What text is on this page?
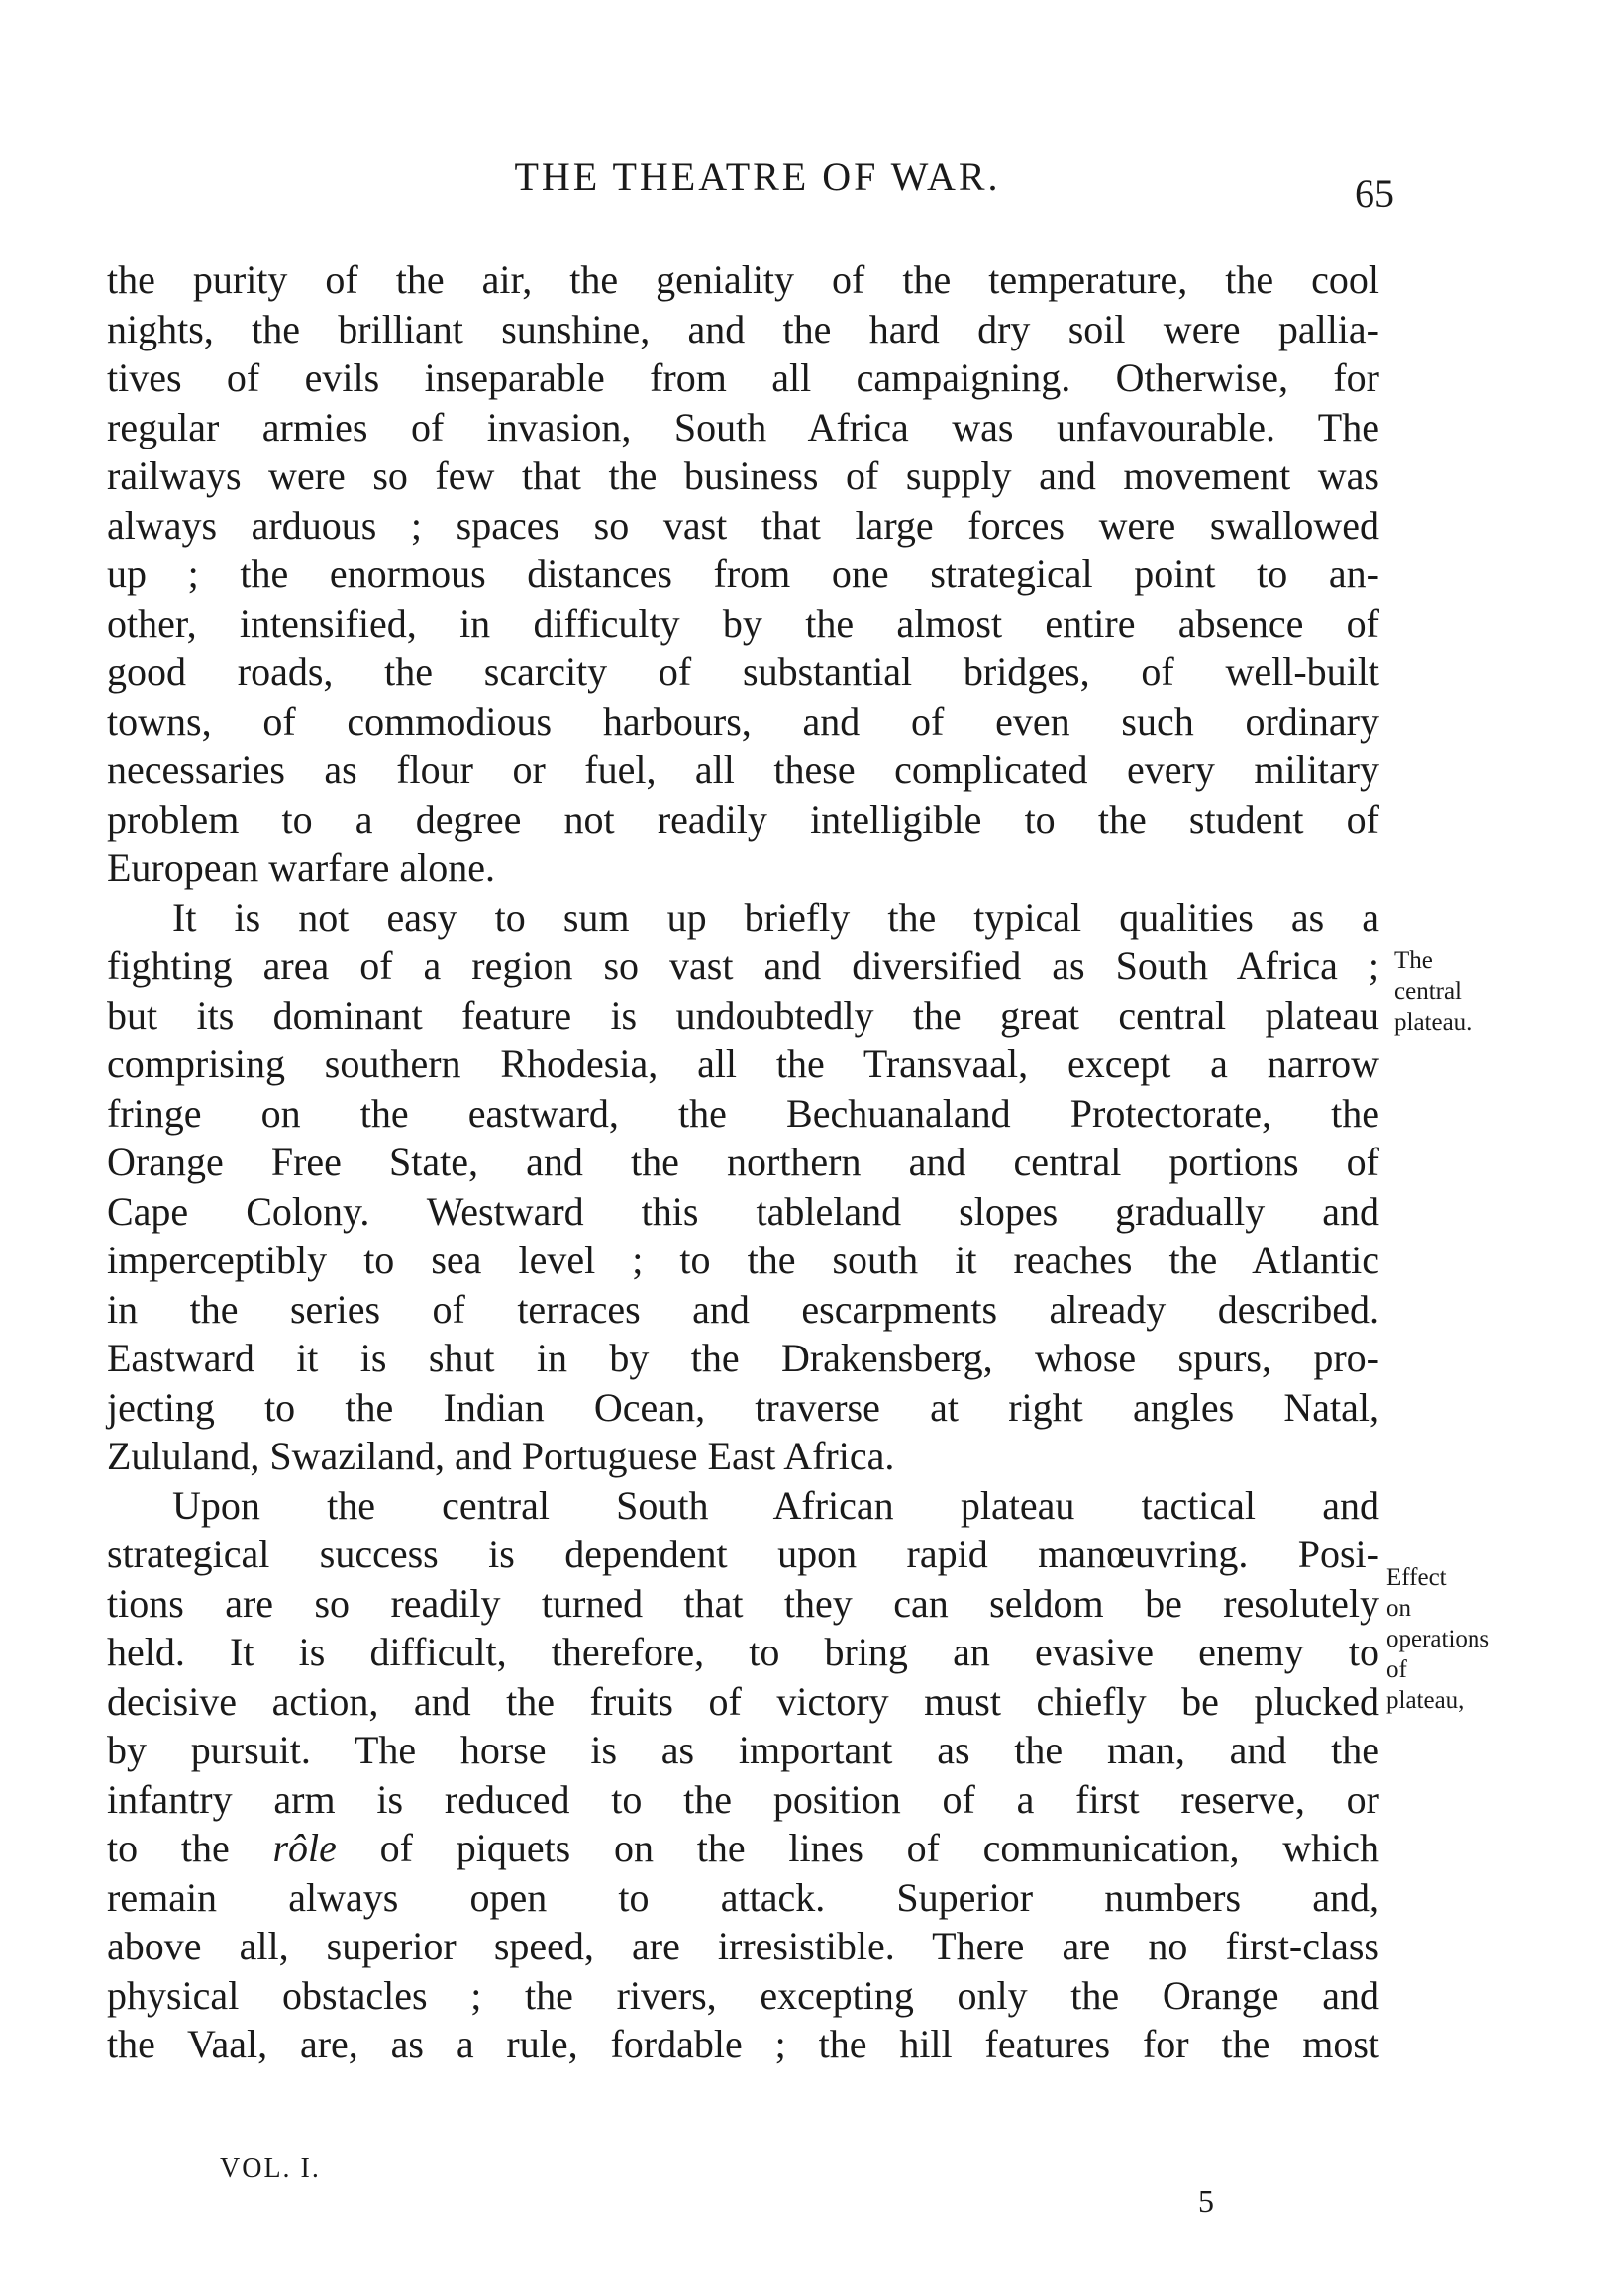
THE THEATRE OF WAR.	65
the purity of the air, the geniality of the temperature, the cool
nights, the brilliant sunshine, and the hard dry soil were pallia-
tives of evils inseparable from all campaigning. Otherwise, for
regular armies of invasion, South Africa was unfavourable. The
railways were so few that the business of supply and movement was
always arduous ; spaces so vast that large forces were swallowed
up ; the enormous distances from one strategical point to an-
other, intensified, in difficulty by the almost entire absence of
good roads, the scarcity of substantial bridges, of well-built
towns, of commodious harbours, and of even such ordinary
necessaries as flour or fuel, all these complicated every military
problem to a degree not readily intelligible to the student of
European warfare alone.
It is not easy to sum up briefly the typical qualities as a
fighting area of a region so vast and diversified as South Africa ;
but its dominant feature is undoubtedly the great central plateau
comprising southern Rhodesia, all the Transvaal, except a narrow
fringe on the eastward, the Bechuanaland Protectorate, the
Orange Free State, and the northern and central portions of
Cape Colony. Westward this tableland slopes gradually and
imperceptibly to sea level ; to the south it reaches the Atlantic
in the series of terraces and escarpments already described.
Eastward it is shut in by the Drakensberg, whose spurs, pro-
jecting to the Indian Ocean, traverse at right angles Natal,
Zululand, Swaziland, and Portuguese East Africa.
Upon the central South African plateau tactical and
strategical success is dependent upon rapid manœuvring. Posi-
tions are so readily turned that they can seldom be resolutely
held. It is difficult, therefore, to bring an evasive enemy to
decisive action, and the fruits of victory must chiefly be plucked
by pursuit. The horse is as important as the man, and the
infantry arm is reduced to the position of a first reserve, or
to the rôle of piquets on the lines of communication, which
remain always open to attack. Superior numbers and,
above all, superior speed, are irresistible. There are no first-class
physical obstacles ; the rivers, excepting only the Orange and
the Vaal, are, as a rule, fordable ; the hill features for the most
The
central
plateau.
Effect
on
operations
of
plateau,
VOL. I.
5
